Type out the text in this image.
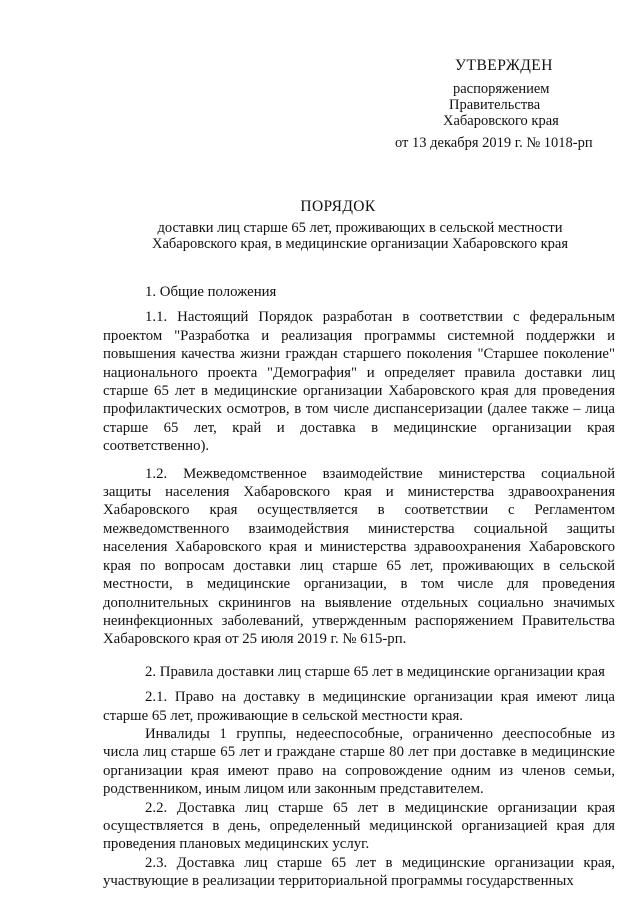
УТВЕРЖДЕН
распоряжением
Правительства
Хабаровского края
от 13 декабря 2019 г. № 1018-рп
ПОРЯДОК
доставки лиц старше 65 лет, проживающих в сельской местности
Хабаровского края, в медицинские организации Хабаровского края

1. Общие положения

1.1. Настоящий Порядок разработан в соответствии с федеральным проектом "Разработка и реализация программы системной поддержки и повышения качества жизни граждан старшего поколения "Старшее поколение" национального проекта "Демография" и определяет правила доставки лиц старше 65 лет в медицинские организации Хабаровского края для проведения профилактических осмотров, в том числе диспансеризации (далее также – лица старше 65 лет, край и доставка в медицинские организации края соответственно).

1.2. Межведомственное взаимодействие министерства социальной защиты населения Хабаровского края и министерства здравоохранения Хабаровского края осуществляется в соответствии с Регламентом межведомственного взаимодействия министерства социальной защиты населения Хабаровского края и министерства здравоохранения Хабаровского края по вопросам доставки лиц старше 65 лет, проживающих в сельской местности, в медицинские организации, в том числе для проведения дополнительных скринингов на выявление отдельных социально значимых неинфекционных заболеваний, утвержденным распоряжением Правительства Хабаровского края от 25 июля 2019 г. № 615-рп.

2. Правила доставки лиц старше 65 лет в медицинские организации края

2.1. Право на доставку в медицинские организации края имеют лица старше 65 лет, проживающие в сельской местности края.

Инвалиды 1 группы, недееспособные, ограниченно дееспособные из числа лиц старше 65 лет и граждане старше 80 лет при доставке в медицинские организации края имеют право на сопровождение одним из членов семьи, родственником, иным лицом или законным представителем.

2.2. Доставка лиц старше 65 лет в медицинские организации края осуществляется в день, определенный медицинской организацией края для проведения плановых медицинских услуг.

2.3. Доставка лиц старше 65 лет в медицинские организации края, участвующие в реализации территориальной программы государственных
